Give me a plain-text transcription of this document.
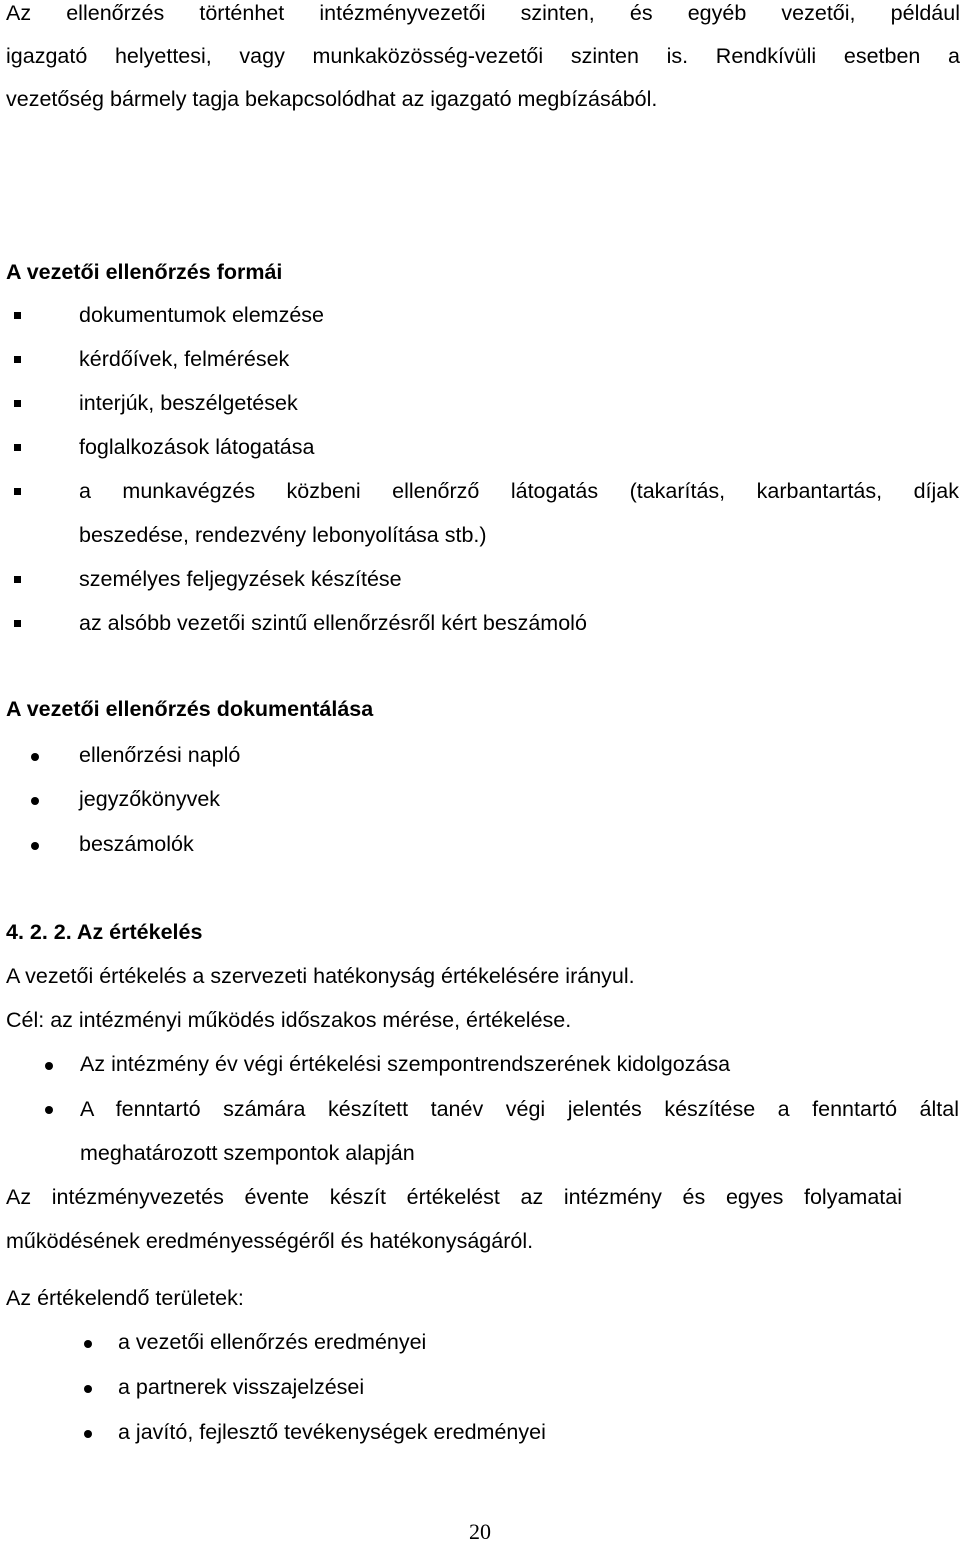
Az ellenőrzés történhet intézményvezetői szinten, és egyéb vezetői, például
igazgató helyettesi, vagy munkaközösség-vezetői szinten is. Rendkívüli esetben a
vezetőség bármely tagja bekapcsolódhat az igazgató megbízásából.
A vezetői ellenőrzés formái
dokumentumok elemzése
kérdőívek, felmérések
interjúk, beszélgetések
foglalkozások látogatása
a munkavégzés közbeni ellenőrző látogatás (takarítás, karbantartás, díjak
beszedése, rendezvény lebonyolítása stb.)
személyes feljegyzések készítése
az alsóbb vezetői szintű ellenőrzésről kért beszámoló
A vezetői ellenőrzés dokumentálása
ellenőrzési napló
jegyzőkönyvek
beszámolók
4. 2. 2. Az értékelés
A vezetői értékelés a szervezeti hatékonyság értékelésére irányul.
Cél: az intézményi működés időszakos mérése, értékelése.
Az intézmény év végi értékelési szempontrendszerének kidolgozása
A fenntartó számára készített tanév végi jelentés készítése a fenntartó által
meghatározott szempontok alapján
Az intézményvezetés évente készít értékelést az intézmény és egyes folyamatai
működésének eredményességéről és hatékonyságáról.
Az értékelendő területek:
a vezetői ellenőrzés eredményei
a partnerek visszajelzései
a javító, fejlesztő tevékenységek eredményei
20
